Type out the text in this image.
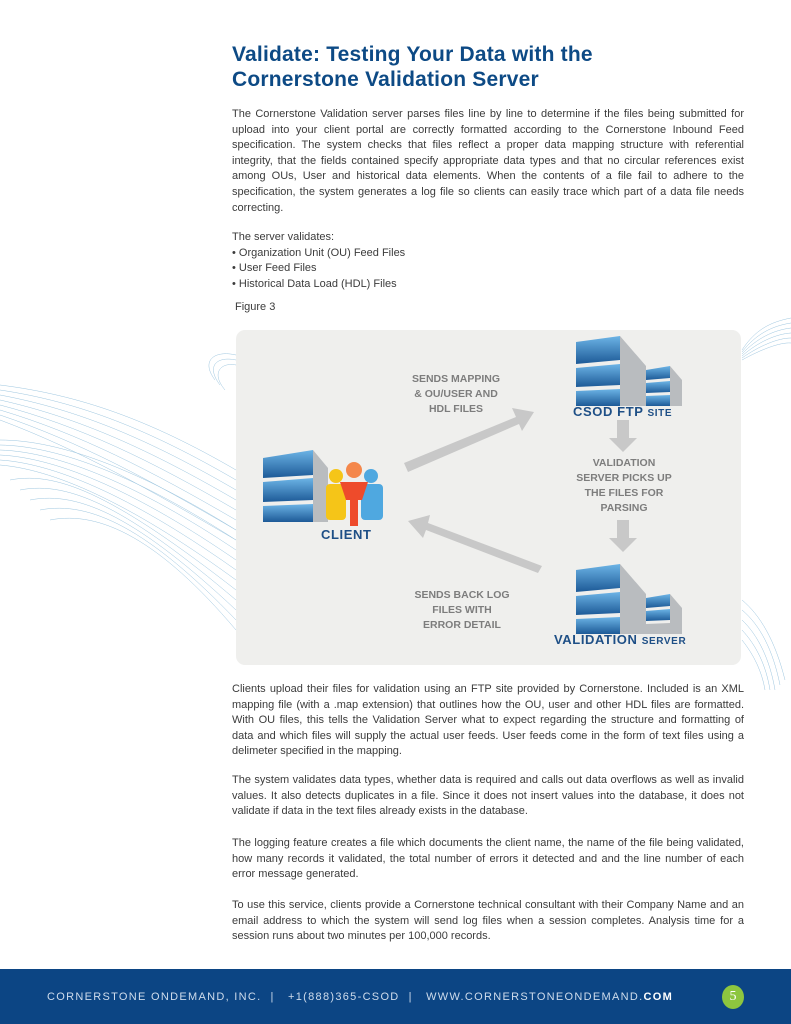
Validate: Testing Your Data with the
Cornerstone Validation Server

The Cornerstone Validation server parses files line by line to determine if the files being submitted for upload into your client portal are correctly formatted according to the Cornerstone Inbound Feed specification. The system checks that files reflect a proper data mapping structure with referential integrity, that the fields contained specify appropriate data types and that no circular references exist among OUs, User and historical data elements. When the contents of a file fail to adhere to the specification, the system generates a log file so clients can easily trace which part of a data file needs correcting.

The server validates:
• Organization Unit (OU) Feed Files
• User Feed Files
• Historical Data Load (HDL) Files
Figure 3
SENDS MAPPING
& OU/USER AND
HDL FILES
VALIDATION
SERVER PICKS UP
THE FILES FOR
PARSING
SENDS BACK LOG
FILES WITH
ERROR DETAIL
CLIENT
CSOD FTP SITE
VALIDATION SERVER

Clients upload their files for validation using an FTP site provided by Cornerstone. Included is an XML mapping file (with a .map extension) that outlines how the OU, user and other HDL files are formatted. With OU files, this tells the Validation Server what to expect regarding the structure and formatting of data and which files will supply the actual user feeds. User feeds come in the form of text files using a delimeter specified in the mapping.

The system validates data types, whether data is required and calls out data overflows as well as invalid values. It also detects duplicates in a file. Since it does not insert values into the database, it does not validate if data in the text files already exists in the database.

The logging feature creates a file which documents the client name, the name of the file being validated, how many records it validated, the total number of errors it detected and and the line number of each error message generated.

To use this service, clients provide a Cornerstone technical consultant with their Company Name and an email address to which the system will send log files when a session completes. Analysis time for a session runs about two minutes per 100,000 records.

CORNERSTONE ONDEMAND, INC. | +1(888)365-CSOD | WWW.CORNERSTONEONDEMAND.COM	5
